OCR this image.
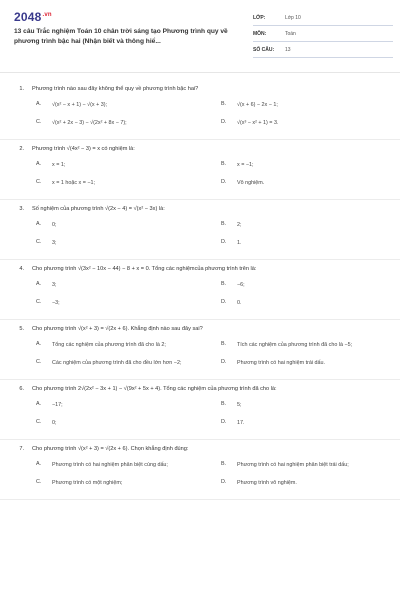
$2048^{.vn}$
13 câu Trắc nghiệm Toán 10 chân trời sáng tạo Phương trình quy về phương trình bậc hai (Nhận biết và thông hiể...
LỚP:	Lớp 10
MÔN:	Toán
SỐ CÂU:	13
1. Phương trình nào sau đây không thể quy về phương trình bậc hai?
A.	√(x² − x + 1) − √(x + 3);	B.	√(x + 6) − 2x − 1;
C.	√(x² + 2x − 3) − √(2x² + 8x − 7);	D.	√(x³ − x² + 1) = 3.
2. Phương trình √(4x² − 3) = x có nghiệm là:
A.	x = 1;	B.	x = −1;
C.	x = 1 hoặc x = −1;	D.	Vô nghiệm.
3. Số nghiệm của phương trình √(2x − 4) = √(x² − 3x) là:
A.	0;	B.	2;
C.	3;	D.	1.
4. Cho phương trình √(3x² − 10x − 44) − 8 + x = 0. Tổng các nghiệmcủa phương trình trên là:
A.	3;	B.	−6;
C.	−3;	D.	0.
5. Cho phương trình √(x² + 3) = √(2x + 6). Khẳng định nào sau đây sai?
A.	Tổng các nghiệm của phương trình đã cho là 2;	B.	Tích các nghiệm của phương trình đã cho là −5;
C.	Các nghiệm của phương trình đã cho đều lớn hơn −2;	D.	Phương trình có hai nghiệm trái dấu.
6. Cho phương trình 2√(2x² − 3x + 1) − √(9x² + 5x + 4). Tổng các nghiệm của phương trình đã cho là:
A.	−17;	B.	5;
C.	0;	D.	17.
7. Cho phương trình √(x² + 3) = √(2x + 6). Chọn khẳng định đúng:
A.	Phương trình có hai nghiệm phân biệt cùng dấu;	B.	Phương trình có hai nghiệm phân biệt trái dấu;
C.	Phương trình có một nghiệm;	D.	Phương trình vô nghiệm.
